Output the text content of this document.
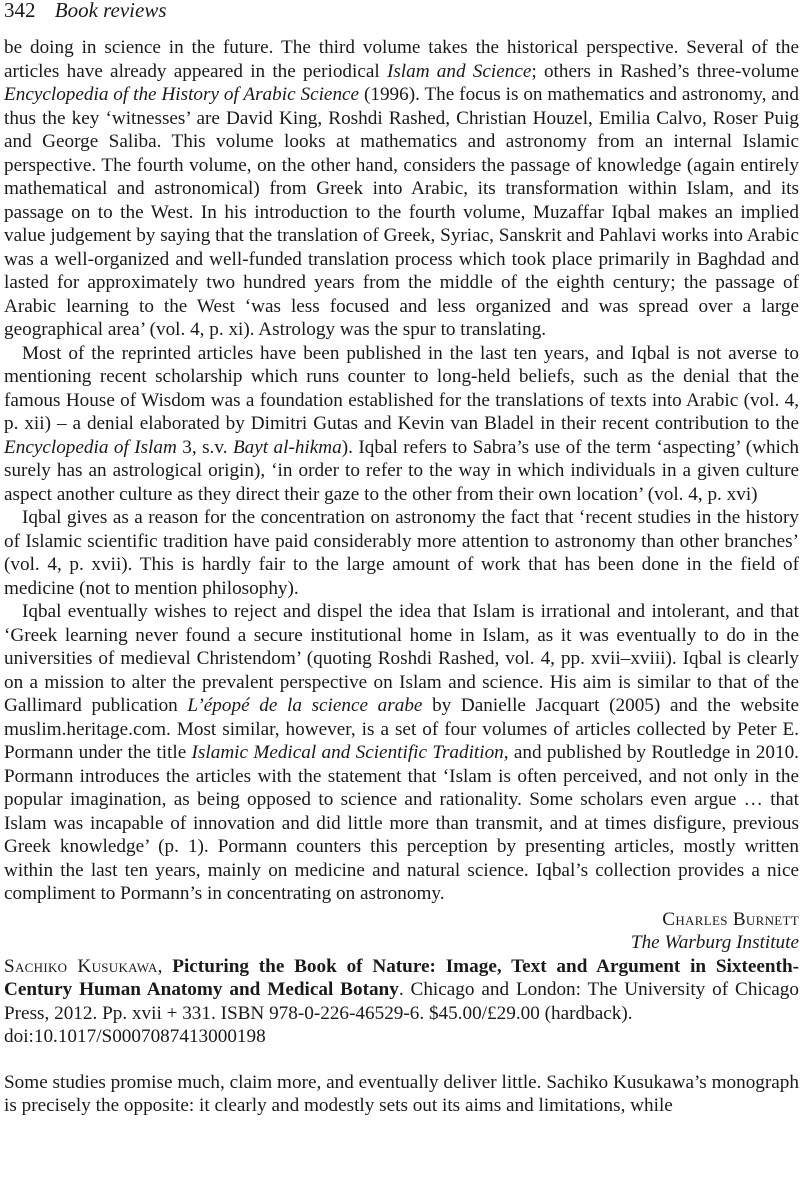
342 Book reviews

be doing in science in the future. The third volume takes the historical perspective. Several of the articles have already appeared in the periodical Islam and Science; others in Rashed’s three-volume Encyclopedia of the History of Arabic Science (1996). The focus is on mathematics and astronomy, and thus the key ‘witnesses’ are David King, Roshdi Rashed, Christian Houzel, Emilia Calvo, Roser Puig and George Saliba. This volume looks at mathematics and astronomy from an internal Islamic perspective. The fourth volume, on the other hand, considers the passage of knowledge (again entirely mathematical and astronomical) from Greek into Arabic, its transformation within Islam, and its passage on to the West. In his introduction to the fourth volume, Muzaffar Iqbal makes an implied value judgement by saying that the translation of Greek, Syriac, Sanskrit and Pahlavi works into Arabic was a well-organized and well-funded translation process which took place primarily in Baghdad and lasted for approximately two hundred years from the middle of the eighth century; the passage of Arabic learning to the West ‘was less focused and less organized and was spread over a large geographical area’ (vol. 4, p. xi). Astrology was the spur to translating.

Most of the reprinted articles have been published in the last ten years, and Iqbal is not averse to mentioning recent scholarship which runs counter to long-held beliefs, such as the denial that the famous House of Wisdom was a foundation established for the translations of texts into Arabic (vol. 4, p. xii) – a denial elaborated by Dimitri Gutas and Kevin van Bladel in their recent contribution to the Encyclopedia of Islam 3, s.v. Bayt al-hikma). Iqbal refers to Sabra’s use of the term ‘aspecting’ (which surely has an astrological origin), ‘in order to refer to the way in which individuals in a given culture aspect another culture as they direct their gaze to the other from their own location’ (vol. 4, p. xvi)

Iqbal gives as a reason for the concentration on astronomy the fact that ‘recent studies in the history of Islamic scientific tradition have paid considerably more attention to astronomy than other branches’ (vol. 4, p. xvii). This is hardly fair to the large amount of work that has been done in the field of medicine (not to mention philosophy).

Iqbal eventually wishes to reject and dispel the idea that Islam is irrational and intolerant, and that ‘Greek learning never found a secure institutional home in Islam, as it was eventually to do in the universities of medieval Christendom’ (quoting Roshdi Rashed, vol. 4, pp. xvii–xviii). Iqbal is clearly on a mission to alter the prevalent perspective on Islam and science. His aim is similar to that of the Gallimard publication L’épopé de la science arabe by Danielle Jacquart (2005) and the website muslim.heritage.com. Most similar, however, is a set of four volumes of articles collected by Peter E. Pormann under the title Islamic Medical and Scientific Tradition, and published by Routledge in 2010. Pormann introduces the articles with the statement that ‘Islam is often perceived, and not only in the popular imagination, as being opposed to science and rationality. Some scholars even argue … that Islam was incapable of innovation and did little more than transmit, and at times disfigure, previous Greek knowledge’ (p. 1). Pormann counters this perception by presenting articles, mostly written within the last ten years, mainly on medicine and natural science. Iqbal’s collection provides a nice compliment to Pormann’s in concentrating on astronomy.

Charles Burnett
The Warburg Institute

Sachiko Kusukawa, Picturing the Book of Nature: Image, Text and Argument in Sixteenth-Century Human Anatomy and Medical Botany. Chicago and London: The University of Chicago Press, 2012. Pp. xvii + 331. ISBN 978-0-226-46529-6. $45.00/£29.00 (hardback).

doi:10.1017/S0007087413000198

Some studies promise much, claim more, and eventually deliver little. Sachiko Kusukawa’s monograph is precisely the opposite: it clearly and modestly sets out its aims and limitations, while
